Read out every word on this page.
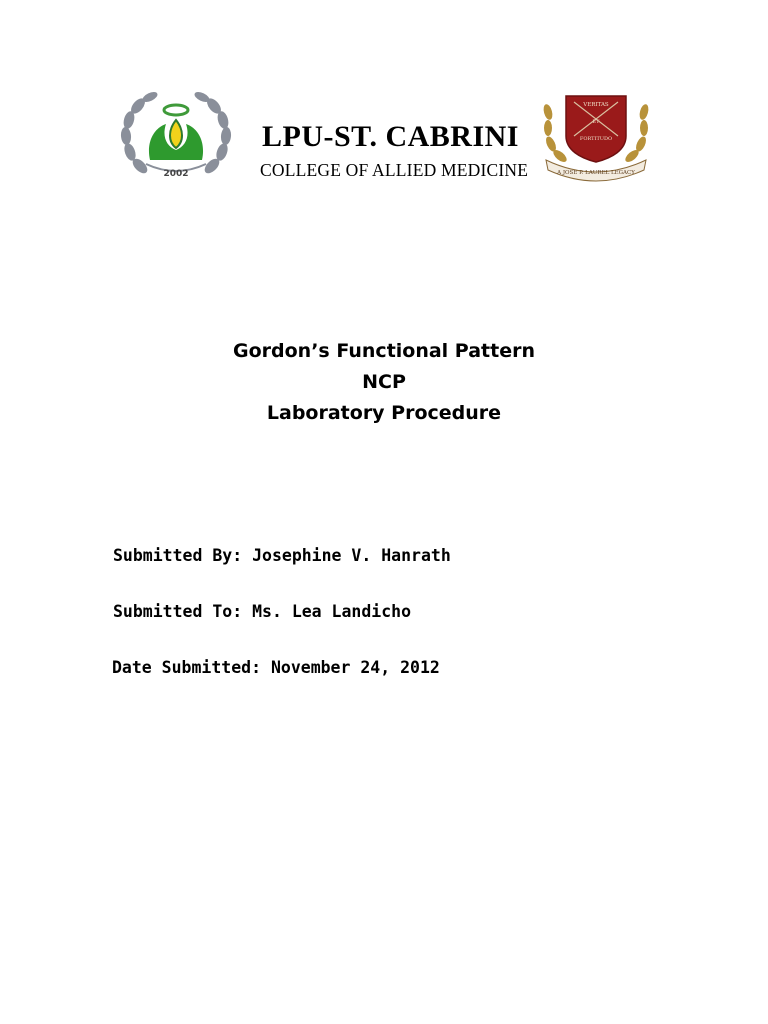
2002
LPU-ST. CABRINI
COLLEGE OF ALLIED MEDICINE
VERITAS
ET
FORTITUDO
A JOSE P. LAUREL LEGACY
Gordon’s Functional Pattern
NCP
Laboratory Procedure
Submitted By: Josephine V. Hanrath
Submitted To: Ms. Lea Landicho
Date Submitted: November 24, 2012
